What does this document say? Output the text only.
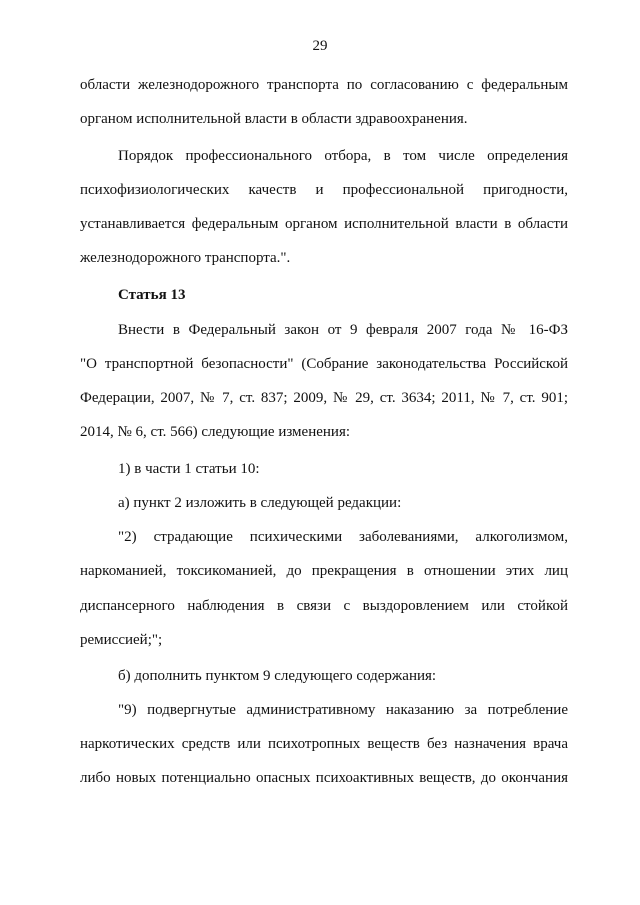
29
области железнодорожного транспорта по согласованию с федеральным
органом исполнительной власти в области здравоохранения.
Порядок профессионального отбора, в том числе определения
психофизиологических качеств и профессиональной пригодности,
устанавливается федеральным органом исполнительной власти в области
железнодорожного транспорта.".
Статья 13
Внести в Федеральный закон от 9 февраля 2007 года № 16-ФЗ
"О транспортной безопасности" (Собрание законодательства Российской
Федерации, 2007, № 7, ст. 837; 2009, № 29, ст. 3634; 2011, № 7, ст. 901;
2014, № 6, ст. 566) следующие изменения:
1) в части 1 статьи 10:
а) пункт 2 изложить в следующей редакции:
"2) страдающие психическими заболеваниями, алкоголизмом,
наркоманией, токсикоманией, до прекращения в отношении этих лиц
диспансерного наблюдения в связи с выздоровлением или стойкой
ремиссией;";
б) дополнить пунктом 9 следующего содержания:
"9) подвергнутые административному наказанию за потребление
наркотических средств или психотропных веществ без назначения врача
либо новых потенциально опасных психоактивных веществ, до окончания
